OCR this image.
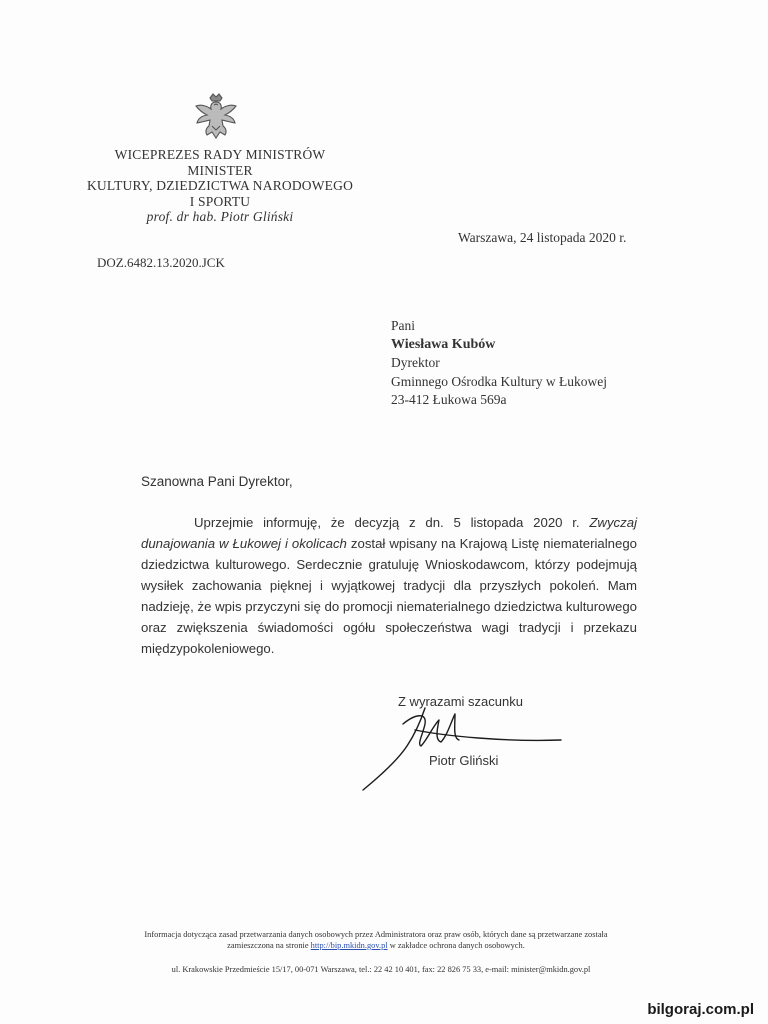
WICEPREZES RADY MINISTRÓW
MINISTER
KULTURY, DZIEDZICTWA NARODOWEGO
I SPORTU
prof. dr hab. Piotr Gliński
DOZ.6482.13.2020.JCK
Warszawa, 24 listopada 2020 r.
Pani
Wiesława Kubów
Dyrektor
Gminnego Ośrodka Kultury w Łukowej
23-412 Łukowa 569a
Szanowna Pani Dyrektor,

Uprzejmie informuję, że decyzją z dn. 5 listopada 2020 r. Zwyczaj dunajowania w Łukowej i okolicach został wpisany na Krajową Listę niematerialnego dziedzictwa kulturowego. Serdecznie gratuluję Wnioskodawcom, którzy podejmują wysiłek zachowania pięknej i wyjątkowej tradycji dla przyszłych pokoleń. Mam nadzieję, że wpis przyczyni się do promocji niematerialnego dziedzictwa kulturowego oraz zwiększenia świadomości ogółu społeczeństwa wagi tradycji i przekazu międzypokoleniowego.

Z wyrazami szacunku
Piotr Gliński
Informacja dotycząca zasad przetwarzania danych osobowych przez Administratora oraz praw osób, których dane są przetwarzane została
zamieszczona na stronie http://bip.mkidn.gov.pl w zakładce ochrona danych osobowych.
ul. Krakowskie Przedmieście 15/17, 00-071 Warszawa, tel.: 22 42 10 401, fax: 22 826 75 33, e-mail: minister@mkidn.gov.pl
bilgoraj.com.pl
